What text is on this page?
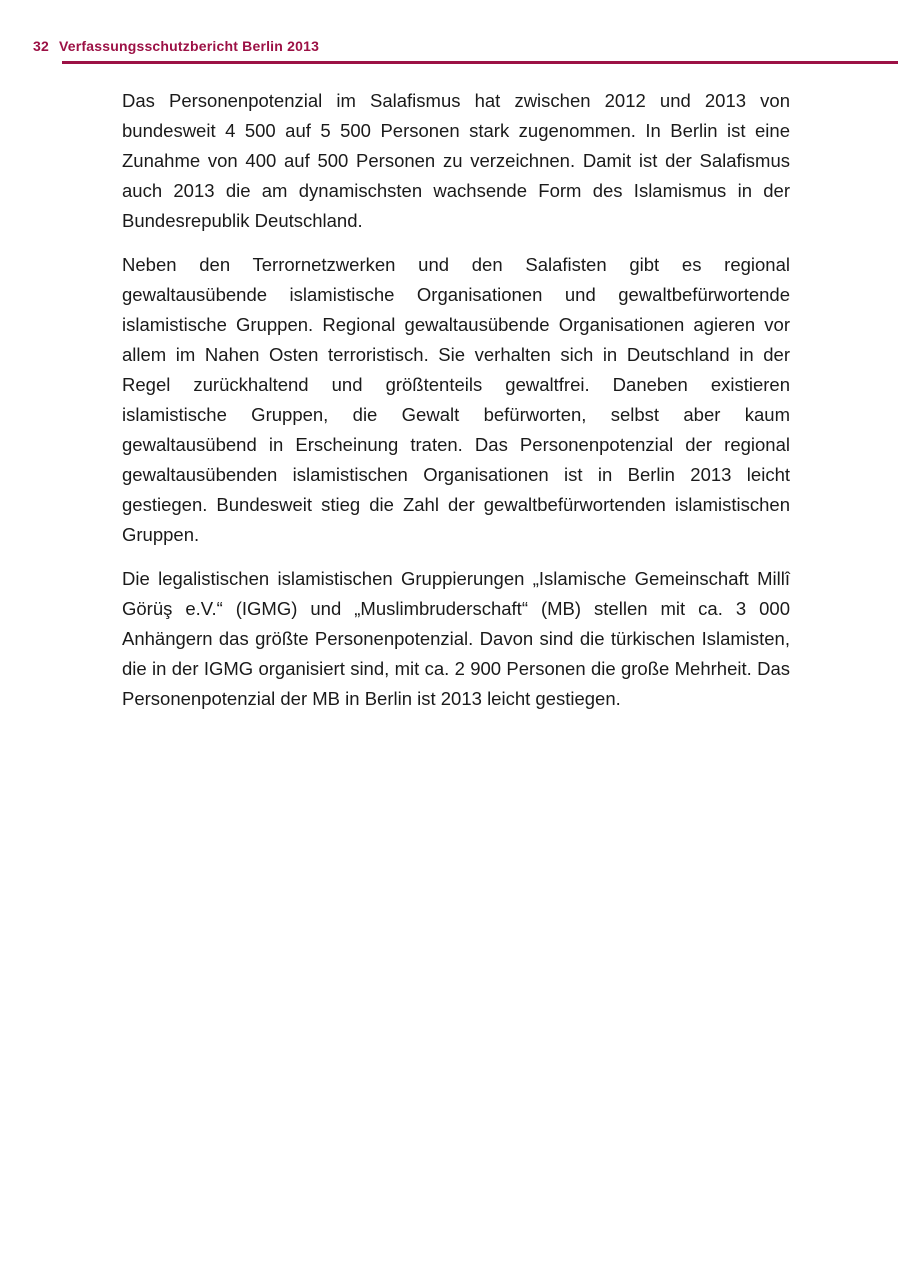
32 Verfassungsschutzbericht Berlin 2013

Das Personenpotenzial im Salafismus hat zwischen 2012 und 2013 von bundesweit 4 500 auf 5 500 Personen stark zugenommen. In Berlin ist eine Zunahme von 400 auf 500 Personen zu verzeichnen. Damit ist der Salafismus auch 2013 die am dynamischsten wachsende Form des Islamismus in der Bundesrepublik Deutschland.

Neben den Terrornetzwerken und den Salafisten gibt es regional gewaltausübende islamistische Organisationen und gewaltbefürwortende islamistische Gruppen. Regional gewaltausübende Organisationen agieren vor allem im Nahen Osten terroristisch. Sie verhalten sich in Deutschland in der Regel zurückhaltend und größtenteils gewaltfrei. Daneben existieren islamistische Gruppen, die Gewalt befürworten, selbst aber kaum gewaltausübend in Erscheinung traten. Das Personenpotenzial der regional gewaltausübenden islamistischen Organisationen ist in Berlin 2013 leicht gestiegen. Bundesweit stieg die Zahl der gewaltbefürwortenden islamistischen Gruppen.

Die legalistischen islamistischen Gruppierungen „Islamische Gemeinschaft Millî Görüş e.V.“ (IGMG) und „Muslimbruderschaft“ (MB) stellen mit ca. 3 000 Anhängern das größte Personenpotenzial. Davon sind die türkischen Islamisten, die in der IGMG organisiert sind, mit ca. 2 900 Personen die große Mehrheit. Das Personenpotenzial der MB in Berlin ist 2013 leicht gestiegen.
